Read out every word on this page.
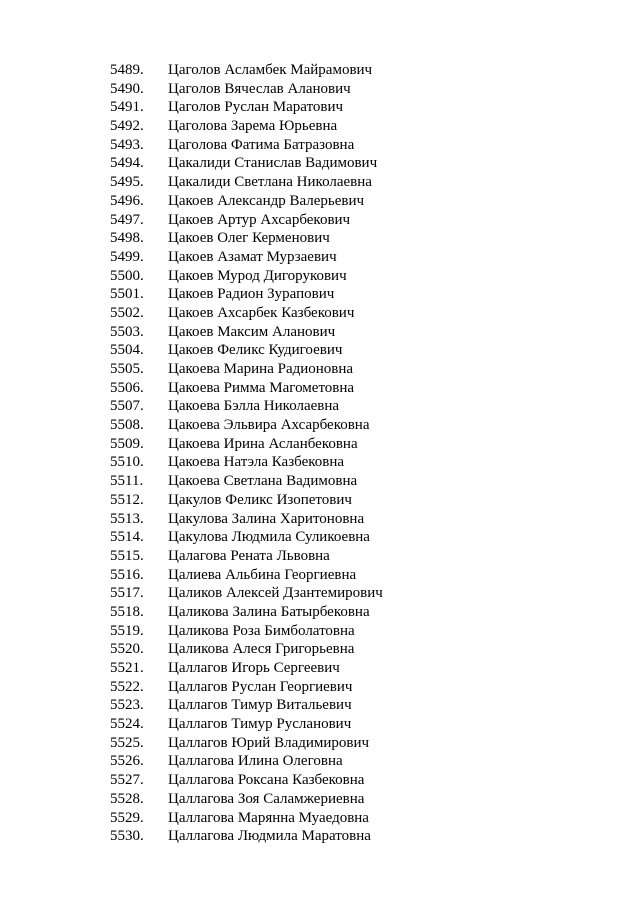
5489. Цаголов Асламбек Майрамович
5490. Цаголов Вячеслав Аланович
5491. Цаголов Руслан Маратович
5492. Цаголова Зарема Юрьевна
5493. Цаголова Фатима Батразовна
5494. Цакалиди Станислав Вадимович
5495. Цакалиди Светлана Николаевна
5496. Цакоев Александр Валерьевич
5497. Цакоев Артур Ахсарбекович
5498. Цакоев Олег Керменович
5499. Цакоев Азамат Мурзаевич
5500. Цакоев Мурод Дигорукович
5501. Цакоев Радион Зурапович
5502. Цакоев Ахсарбек Казбекович
5503. Цакоев Максим Аланович
5504. Цакоев Феликс Кудигоевич
5505. Цакоева Марина Радионовна
5506. Цакоева Римма Магометовна
5507. Цакоева Бэлла Николаевна
5508. Цакоева Эльвира Ахсарбековна
5509. Цакоева Ирина Асланбековна
5510. Цакоева Натэла Казбековна
5511. Цакоева Светлана Вадимовна
5512. Цакулов Феликс Изопетович
5513. Цакулова Залина Харитоновна
5514. Цакулова Людмила Суликоевна
5515. Цалагова Рената Львовна
5516. Цалиева Альбина Георгиевна
5517. Цаликов Алексей Дзантемирович
5518. Цаликова Залина Батырбековна
5519. Цаликова Роза Бимболатовна
5520. Цаликова Алеся Григорьевна
5521. Цаллагов Игорь Сергеевич
5522. Цаллагов Руслан Георгиевич
5523. Цаллагов Тимур Витальевич
5524. Цаллагов Тимур Русланович
5525. Цаллагов Юрий Владимирович
5526. Цаллагова Илина Олеговна
5527. Цаллагова Роксана Казбековна
5528. Цаллагова Зоя Саламжериевна
5529. Цаллагова Марянна Муаедовна
5530. Цаллагова Людмила Маратовна
